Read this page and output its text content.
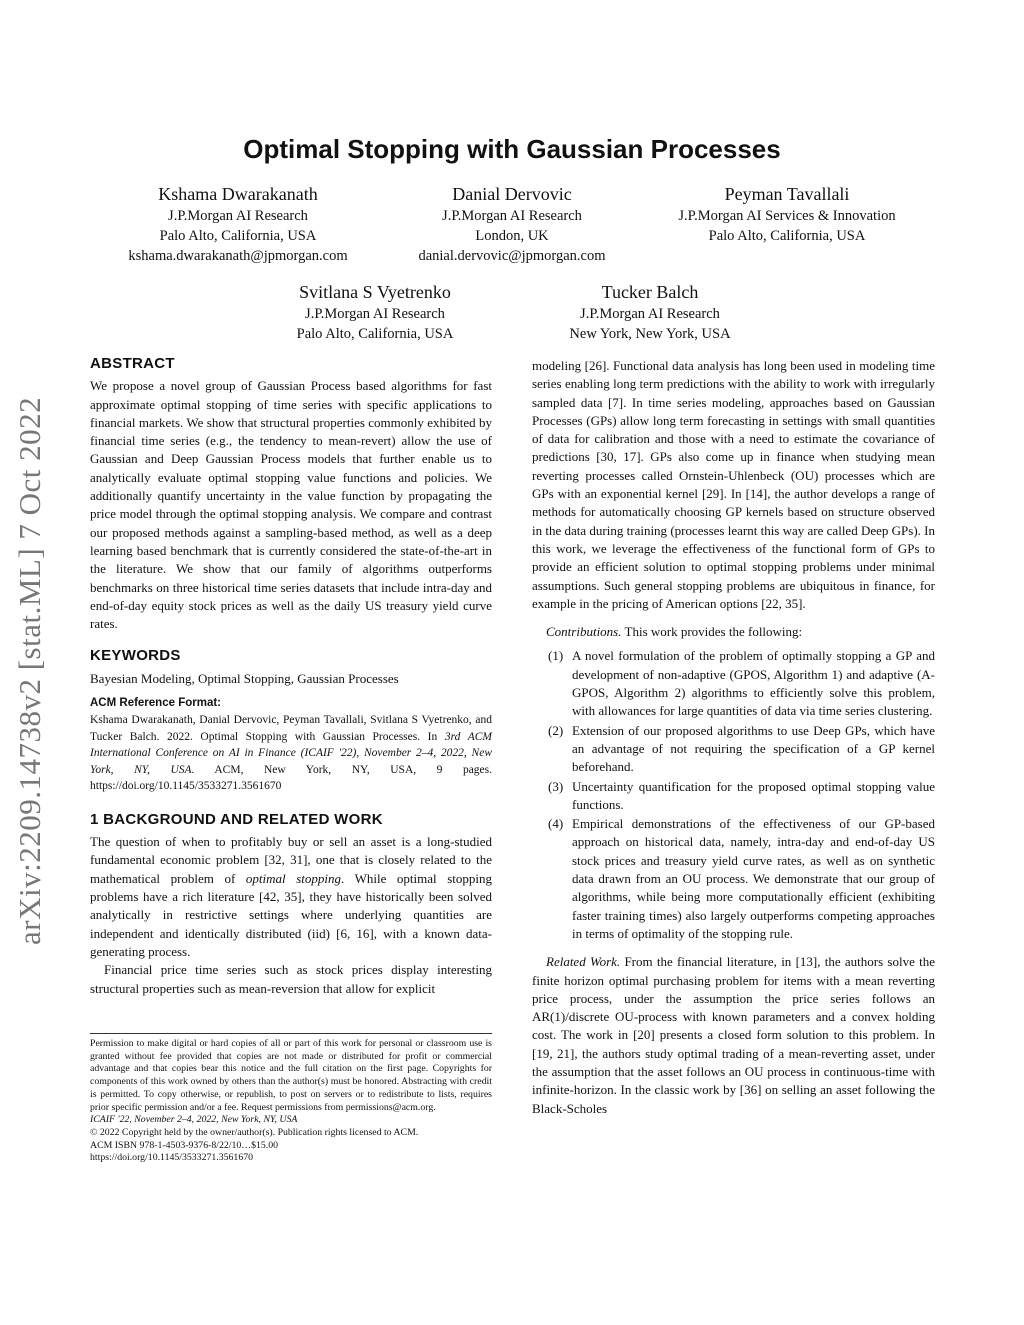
Optimal Stopping with Gaussian Processes
Kshama Dwarakanath
J.P.Morgan AI Research
Palo Alto, California, USA
kshama.dwarakanath@jpmorgan.com
Danial Dervovic
J.P.Morgan AI Research
London, UK
danial.dervovic@jpmorgan.com
Peyman Tavallali
J.P.Morgan AI Services & Innovation
Palo Alto, California, USA
Svitlana S Vyetrenko
J.P.Morgan AI Research
Palo Alto, California, USA
Tucker Balch
J.P.Morgan AI Research
New York, New York, USA
arXiv:2209.14738v2 [stat.ML] 7 Oct 2022
ABSTRACT

We propose a novel group of Gaussian Process based algorithms for fast approximate optimal stopping of time series with specific applications to financial markets. We show that structural properties commonly exhibited by financial time series (e.g., the tendency to mean-revert) allow the use of Gaussian and Deep Gaussian Process models that further enable us to analytically evaluate optimal stopping value functions and policies. We additionally quantify uncertainty in the value function by propagating the price model through the optimal stopping analysis. We compare and contrast our proposed methods against a sampling-based method, as well as a deep learning based benchmark that is currently considered the state-of-the-art in the literature. We show that our family of algorithms outperforms benchmarks on three historical time series datasets that include intra-day and end-of-day equity stock prices as well as the daily US treasury yield curve rates.

KEYWORDS

Bayesian Modeling, Optimal Stopping, Gaussian Processes

ACM Reference Format:

Kshama Dwarakanath, Danial Dervovic, Peyman Tavallali, Svitlana S Vyetrenko, and Tucker Balch. 2022. Optimal Stopping with Gaussian Processes. In 3rd ACM International Conference on AI in Finance (ICAIF '22), November 2–4, 2022, New York, NY, USA. ACM, New York, NY, USA, 9 pages. https://doi.org/10.1145/3533271.3561670

1 BACKGROUND AND RELATED WORK

The question of when to profitably buy or sell an asset is a long-studied fundamental economic problem [32, 31], one that is closely related to the mathematical problem of optimal stopping. While optimal stopping problems have a rich literature [42, 35], they have historically been solved analytically in restrictive settings where underlying quantities are independent and identically distributed (iid) [6, 16], with a known data-generating process.

Financial price time series such as stock prices display interesting structural properties such as mean-reversion that allow for explicit

Permission to make digital or hard copies of all or part of this work for personal or classroom use is granted without fee provided that copies are not made or distributed for profit or commercial advantage and that copies bear this notice and the full citation on the first page. Copyrights for components of this work owned by others than the author(s) must be honored. Abstracting with credit is permitted. To copy otherwise, or republish, to post on servers or to redistribute to lists, requires prior specific permission and/or a fee. Request permissions from permissions@acm.org.
ICAIF '22, November 2–4, 2022, New York, NY, USA
© 2022 Copyright held by the owner/author(s). Publication rights licensed to ACM.
ACM ISBN 978-1-4503-9376-8/22/10…$15.00
https://doi.org/10.1145/3533271.3561670

modeling [26]. Functional data analysis has long been used in modeling time series enabling long term predictions with the ability to work with irregularly sampled data [7]. In time series modeling, approaches based on Gaussian Processes (GPs) allow long term forecasting in settings with small quantities of data for calibration and those with a need to estimate the covariance of predictions [30, 17]. GPs also come up in finance when studying mean reverting processes called Ornstein-Uhlenbeck (OU) processes which are GPs with an exponential kernel [29]. In [14], the author develops a range of methods for automatically choosing GP kernels based on structure observed in the data during training (processes learnt this way are called Deep GPs). In this work, we leverage the effectiveness of the functional form of GPs to provide an efficient solution to optimal stopping problems under minimal assumptions. Such general stopping problems are ubiquitous in finance, for example in the pricing of American options [22, 35].

Contributions. This work provides the following:

(1) A novel formulation of the problem of optimally stopping a GP and development of non-adaptive (GPOS, Algorithm 1) and adaptive (A-GPOS, Algorithm 2) algorithms to efficiently solve this problem, with allowances for large quantities of data via time series clustering.
(2) Extension of our proposed algorithms to use Deep GPs, which have an advantage of not requiring the specification of a GP kernel beforehand.
(3) Uncertainty quantification for the proposed optimal stopping value functions.
(4) Empirical demonstrations of the effectiveness of our GP-based approach on historical data, namely, intra-day and end-of-day US stock prices and treasury yield curve rates, as well as on synthetic data drawn from an OU process. We demonstrate that our group of algorithms, while being more computationally efficient (exhibiting faster training times) also largely outperforms competing approaches in terms of optimality of the stopping rule.

Related Work. From the financial literature, in [13], the authors solve the finite horizon optimal purchasing problem for items with a mean reverting price process, under the assumption the price series follows an AR(1)/discrete OU-process with known parameters and a convex holding cost. The work in [20] presents a closed form solution to this problem. In [19, 21], the authors study optimal trading of a mean-reverting asset, under the assumption that the asset follows an OU process in continuous-time with infinite-horizon. In the classic work by [36] on selling an asset following the Black-Scholes
